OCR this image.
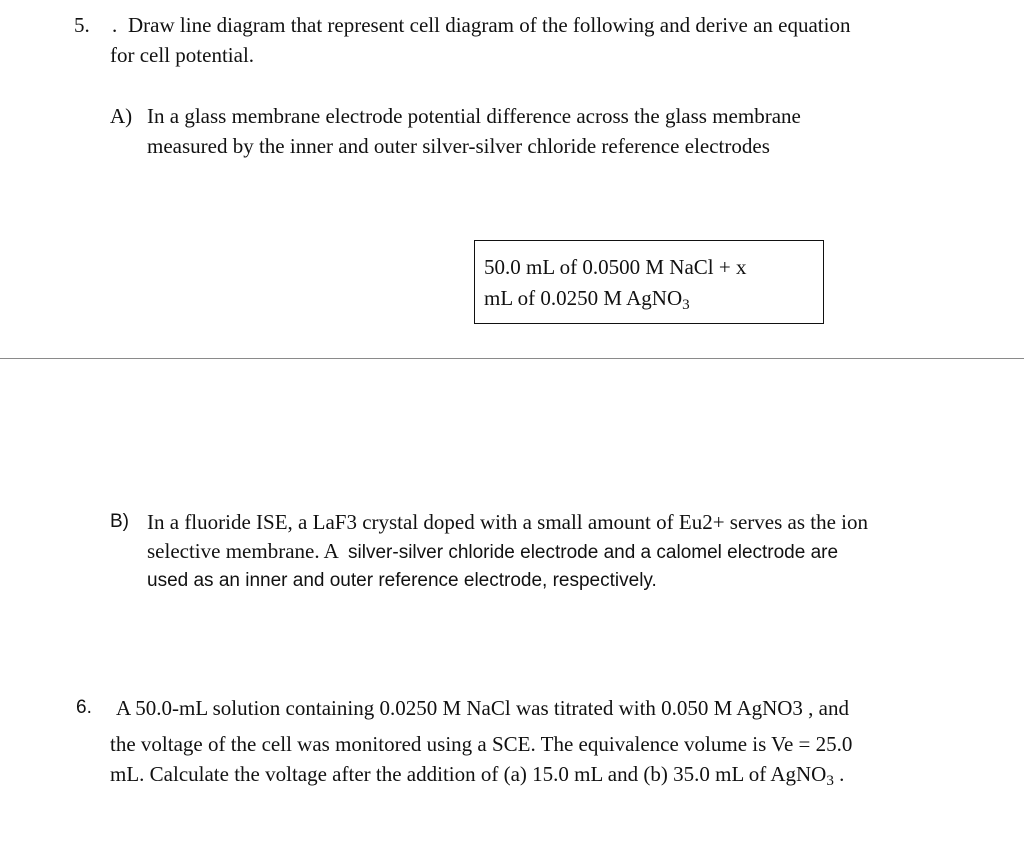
5. . Draw line diagram that represent cell diagram of the following and derive an equation
for cell potential.
A) In a glass membrane electrode potential difference across the glass membrane
measured by the inner and outer silver-silver chloride reference electrodes
50.0 mL of 0.0500 M NaCl + x
mL of 0.0250 M AgNO$_3$
B) In a fluoride ISE, a LaF3 crystal doped with a small amount of Eu2+ serves as the ion
selective membrane. A silver-silver chloride electrode and a calomel electrode are
used as an inner and outer reference electrode, respectively.
6. A 50.0-mL solution containing 0.0250 M NaCl was titrated with 0.050 M AgNO3 , and
the voltage of the cell was monitored using a SCE. The equivalence volume is Ve = 25.0
mL. Calculate the voltage after the addition of (a) 15.0 mL and (b) 35.0 mL of AgNO$_3$ .
